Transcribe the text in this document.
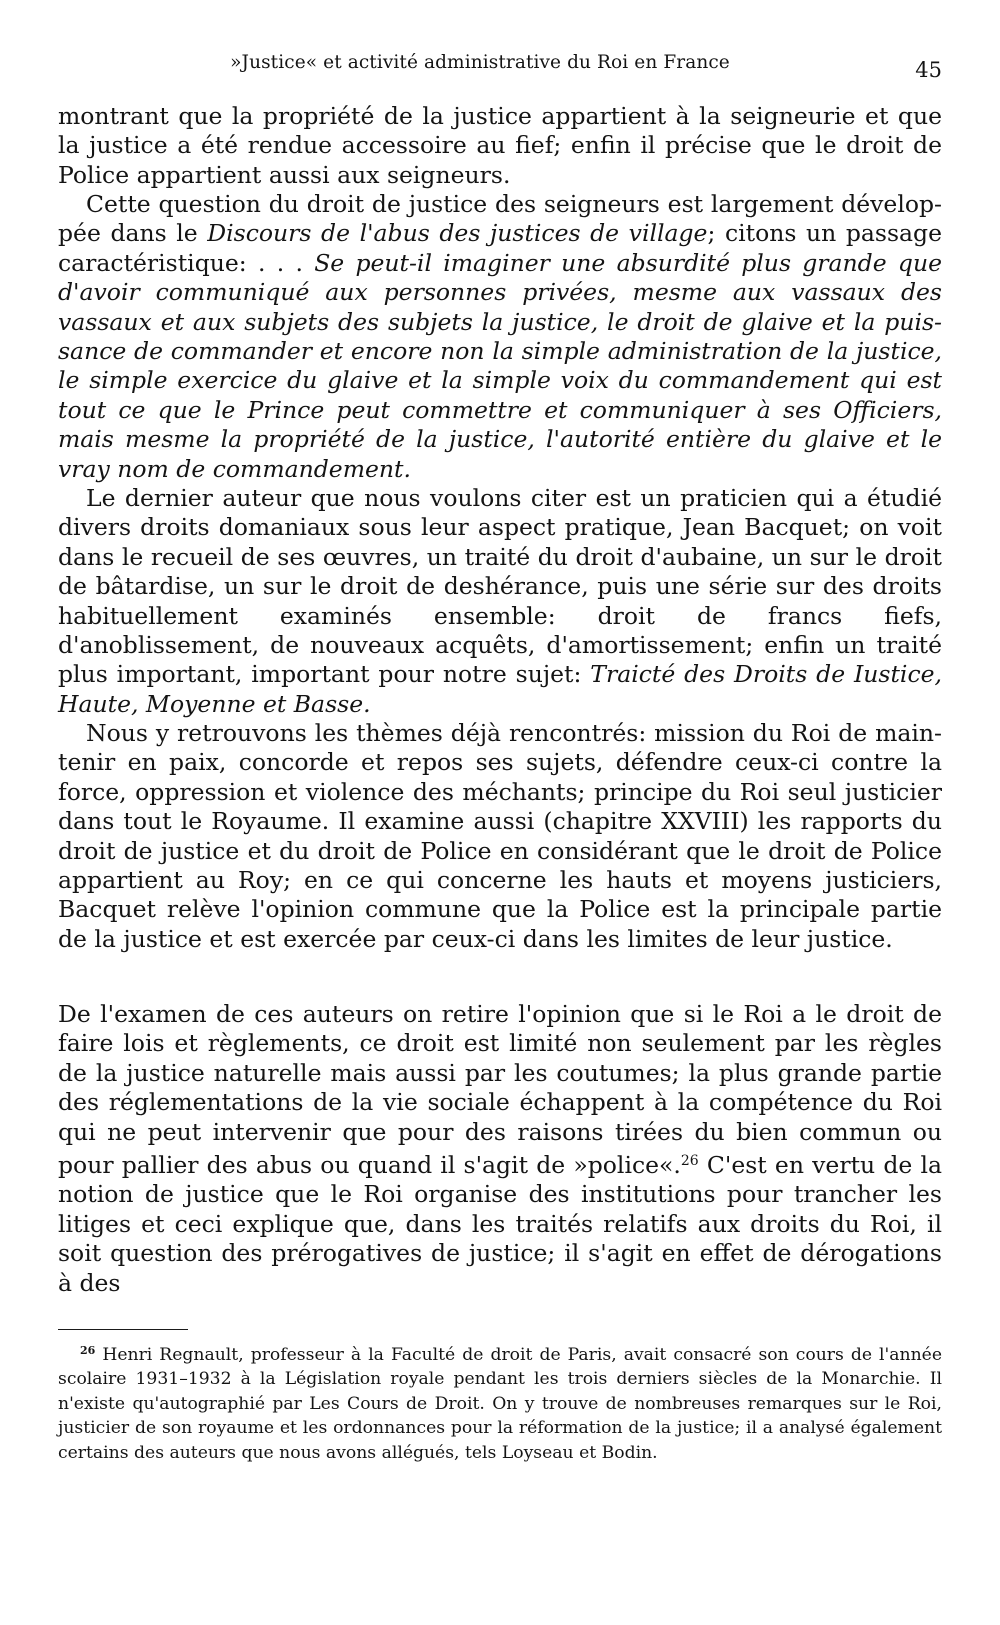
»Justice« et activité administrative du Roi en France	45

montrant que la propriété de la justice appartient à la seigneurie et que la justice a été rendue accessoire au fief; enfin il précise que le droit de Police appartient aussi aux seigneurs.

Cette question du droit de justice des seigneurs est largement développée dans le Discours de l'abus des justices de village; citons un passage caractéristique: . . . Se peut-il imaginer une absurdité plus grande que d'avoir communiqué aux personnes privées, mesme aux vassaux des vassaux et aux subjets des subjets la justice, le droit de glaive et la puissance de commander et encore non la simple administration de la justice, le simple exercice du glaive et la simple voix du commandement qui est tout ce que le Prince peut commettre et communiquer à ses Officiers, mais mesme la propriété de la justice, l'autorité entière du glaive et le vray nom de commandement.

Le dernier auteur que nous voulons citer est un praticien qui a étudié divers droits domaniaux sous leur aspect pratique, Jean Bacquet; on voit dans le recueil de ses œuvres, un traité du droit d'aubaine, un sur le droit de bâtardise, un sur le droit de deshérance, puis une série sur des droits habituellement examinés ensemble: droit de francs fiefs, d'anoblissement, de nouveaux acquêts, d'amortissement; enfin un traité plus important, important pour notre sujet: Traicté des Droits de Iustice, Haute, Moyenne et Basse.

Nous y retrouvons les thèmes déjà rencontrés: mission du Roi de maintenir en paix, concorde et repos ses sujets, défendre ceux-ci contre la force, oppression et violence des méchants; principe du Roi seul justicier dans tout le Royaume. Il examine aussi (chapitre XXVIII) les rapports du droit de justice et du droit de Police en considérant que le droit de Police appartient au Roy; en ce qui concerne les hauts et moyens justiciers, Bacquet relève l'opinion commune que la Police est la principale partie de la justice et est exercée par ceux-ci dans les limites de leur justice.

De l'examen de ces auteurs on retire l'opinion que si le Roi a le droit de faire lois et règlements, ce droit est limité non seulement par les règles de la justice naturelle mais aussi par les coutumes; la plus grande partie des réglementations de la vie sociale échappent à la compétence du Roi qui ne peut intervenir que pour des raisons tirées du bien commun ou pour pallier des abus ou quand il s'agit de »police«.$^{26}$ C'est en vertu de la notion de justice que le Roi organise des institutions pour trancher les litiges et ceci explique que, dans les traités relatifs aux droits du Roi, il soit question des prérogatives de justice; il s'agit en effet de dérogations à des

$^{26}$ Henri Regnault, professeur à la Faculté de droit de Paris, avait consacré son cours de l'année scolaire 1931–1932 à la Législation royale pendant les trois derniers siècles de la Monarchie. Il n'existe qu'autographié par Les Cours de Droit. On y trouve de nombreuses remarques sur le Roi, justicier de son royaume et les ordonnances pour la réformation de la justice; il a analysé également certains des auteurs que nous avons allégués, tels Loyseau et Bodin.
